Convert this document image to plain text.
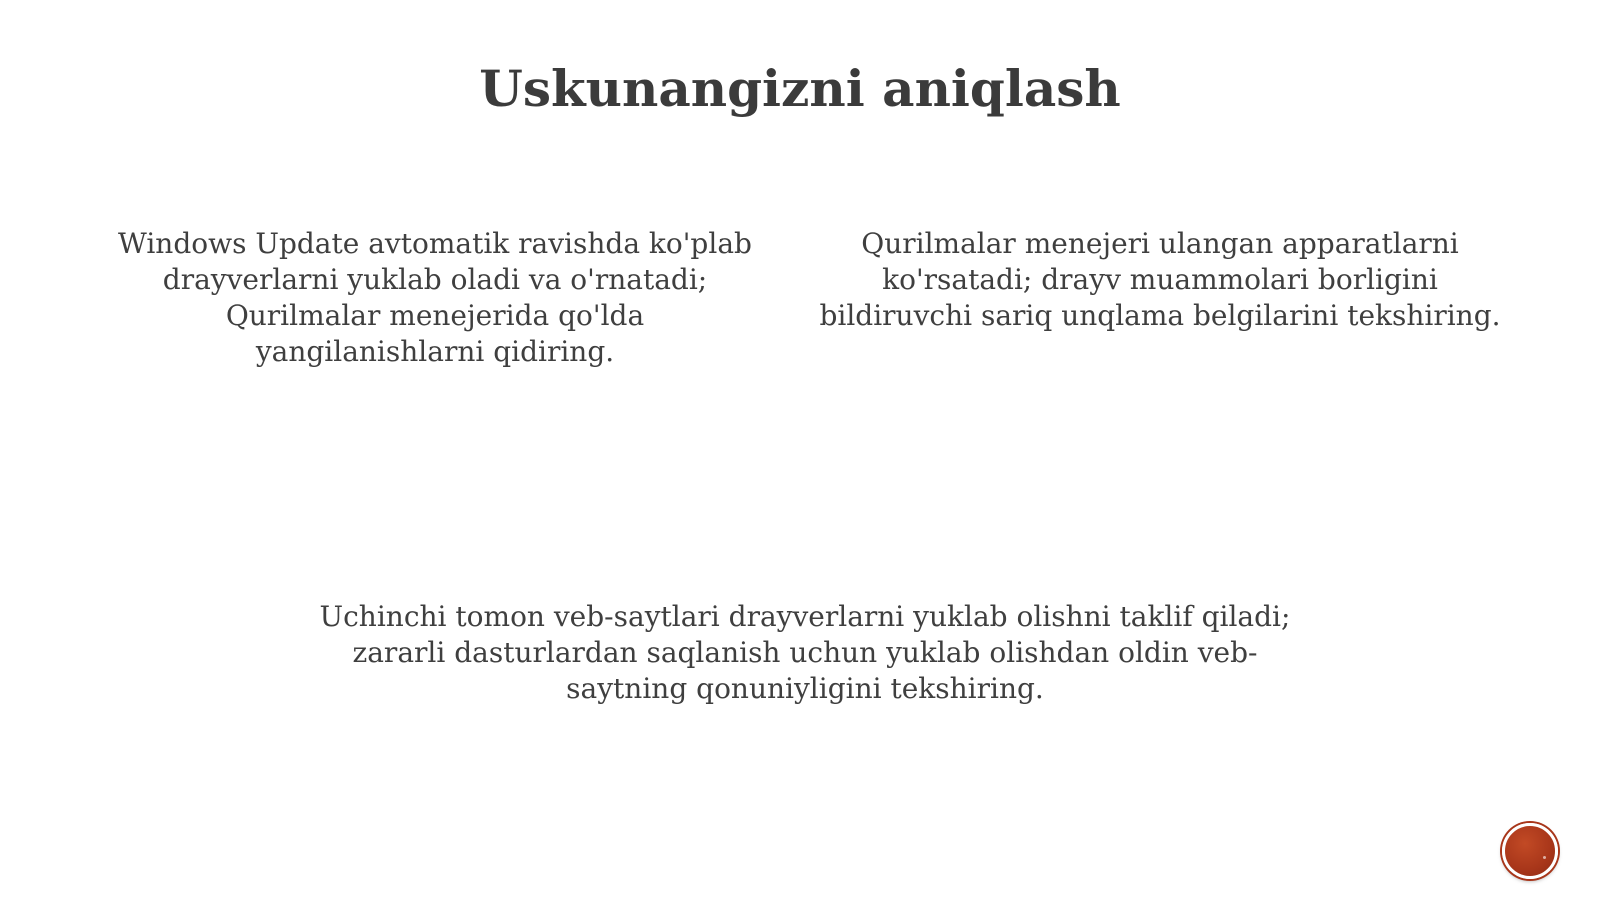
Uskunangizni aniqlash

Windows Update avtomatik ravishda ko'plab
drayverlarni yuklab oladi va o'rnatadi;
Qurilmalar menejerida qo'lda
yangilanishlarni qidiring.

Qurilmalar menejeri ulangan apparatlarni
ko'rsatadi; drayv muammolari borligini
bildiruvchi sariq unqlama belgilarini tekshiring.

Uchinchi tomon veb-saytlari drayverlarni yuklab olishni taklif qiladi;
zararli dasturlardan saqlanish uchun yuklab olishdan oldin veb-
saytning qonuniyligini tekshiring.
